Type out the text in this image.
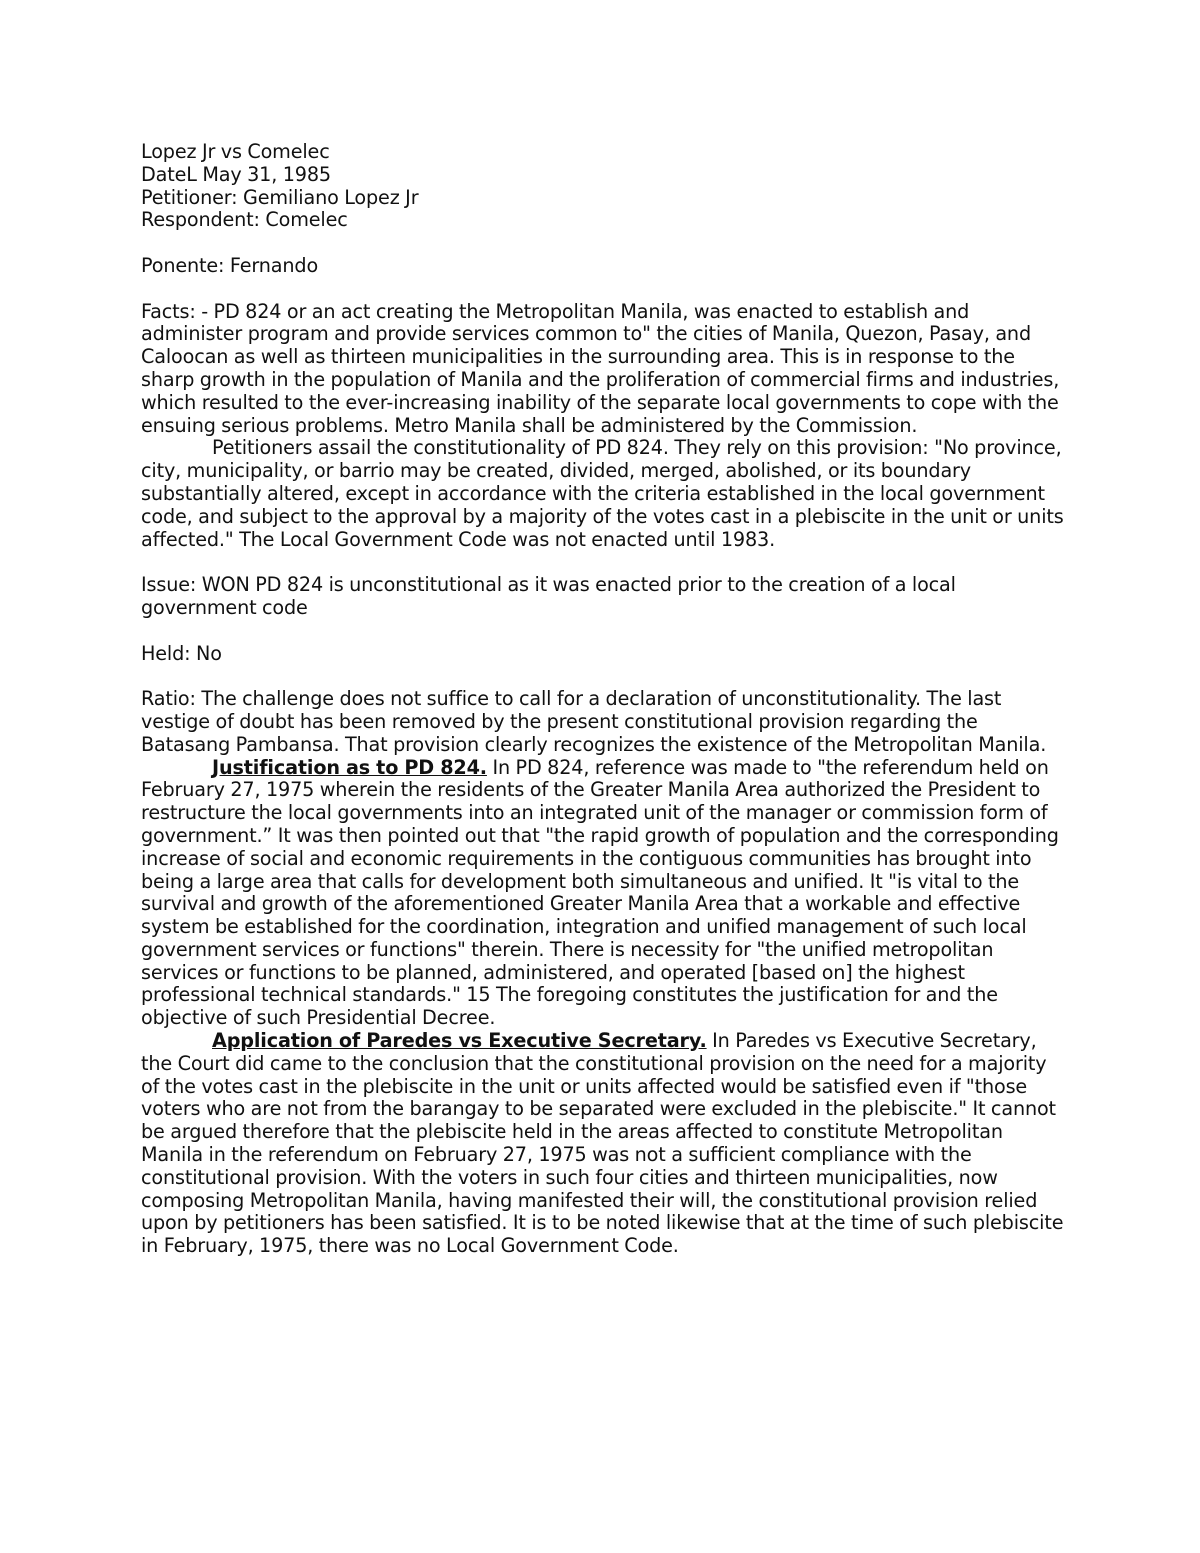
Lopez Jr vs Comelec

DateL May 31, 1985

Petitioner: Gemiliano Lopez Jr

Respondent: Comelec

Ponente: Fernando

Facts: - PD 824 or an act creating the Metropolitan Manila, was enacted to establish and administer program and provide services common to" the cities of Manila, Quezon, Pasay, and Caloocan as well as thirteen municipalities in the surrounding area. This is in response to the sharp growth in the population of Manila and the proliferation of commercial firms and industries, which resulted to the ever-increasing inability of the separate local governments to cope with the ensuing serious problems. Metro Manila shall be administered by the Commission.

Petitioners assail the constitutionality of PD 824. They rely on this provision: "No province, city, municipality, or barrio may be created, divided, merged, abolished, or its boundary substantially altered, except in accordance with the criteria established in the local government code, and subject to the approval by a majority of the votes cast in a plebiscite in the unit or units affected." The Local Government Code was not enacted until 1983.

Issue: WON PD 824 is unconstitutional as it was enacted prior to the creation of a local government code

Held: No

Ratio: The challenge does not suffice to call for a declaration of unconstitutionality. The last vestige of doubt has been removed by the present constitutional provision regarding the Batasang Pambansa. That provision clearly recognizes the existence of the Metropolitan Manila.

Justification as to PD 824. In PD 824, reference was made to "the referendum held on February 27, 1975 wherein the residents of the Greater Manila Area authorized the President to restructure the local governments into an integrated unit of the manager or commission form of government.” It was then pointed out that "the rapid growth of population and the corresponding increase of social and economic requirements in the contiguous communities has brought into being a large area that calls for development both simultaneous and unified. It "is vital to the survival and growth of the aforementioned Greater Manila Area that a workable and effective system be established for the coordination, integration and unified management of such local government services or functions" therein. There is necessity for "the unified metropolitan services or functions to be planned, administered, and operated [based on] the highest professional technical standards." 15 The foregoing constitutes the justification for and the objective of such Presidential Decree.

Application of Paredes vs Executive Secretary. In Paredes vs Executive Secretary, the Court did came to the conclusion that the constitutional provision on the need for a majority of the votes cast in the plebiscite in the unit or units affected would be satisfied even if "those voters who are not from the barangay to be separated were excluded in the plebiscite." It cannot be argued therefore that the plebiscite held in the areas affected to constitute Metropolitan Manila in the referendum on February 27, 1975 was not a sufficient compliance with the constitutional provision. With the voters in such four cities and thirteen municipalities, now composing Metropolitan Manila, having manifested their will, the constitutional provision relied upon by petitioners has been satisfied. It is to be noted likewise that at the time of such plebiscite in February, 1975, there was no Local Government Code.
